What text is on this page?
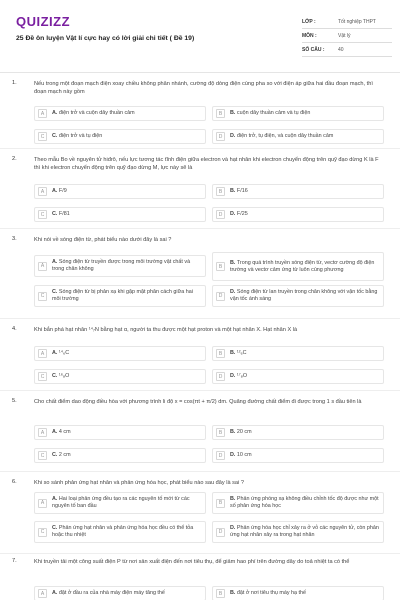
QUIZIZZ
25 Đề ôn luyện Vật lí cực hay có lời giải chi tiết ( Đề 19)
LỚP :	Tốt nghiệp THPT
MÔN :	Vật lý
SỐ CÂU :	40
1.	Nếu trong một đoạn mạch điện xoay chiều không phân nhánh, cường độ dòng điện cùng pha so với điện áp giữa hai đầu đoạn mạch, thì đoạn mạch này gồm
A	A. điện trở và cuộn dây thuần cảm	B	B. cuộn dây thuần cảm và tụ điện
C	C. điện trở và tụ điện	D	D. điện trở, tụ điện, và cuộn dây thuần cảm
2.	Theo mẫu Bo về nguyên tử hiđrô, nếu lực tương tác tĩnh điện giữa electron và hạt nhân khi electron chuyển động trên quỹ đạo dừng K là F thì khi electron chuyển động trên quỹ đạo dừng M, lực này sẽ là
A	A. F/9	B	B. F/16
C	C. F/81	D	D. F/25
3.	Khi nói về sóng điện từ, phát biểu nào dưới đây là sai ?
A
A. Sóng điện từ truyền được trong môi trường vật chất và trong chân không	B
B. Trong quá trình truyền sóng điện từ, vectơ cường độ điện trường và vectơ cảm ứng từ luôn cùng phương
C
C. Sóng điện từ bị phản xạ khi gặp mặt phân cách giữa hai môi trường	D
D. Sóng điện từ lan truyền trong chân không với vận tốc bằng vận tốc ánh sáng
4.	Khi bắn phá hạt nhân ¹⁴₇N bằng hạt α, người ta thu được một hạt proton và một hạt nhân X. Hạt nhân X là
A	A. ¹⁴₆C	B	B. ¹²₆C
C	C. ¹⁶₈O	D	D. ¹⁷₈O
5.	Cho chất điểm dao động điều hòa với phương trình li độ x = cos(πt + π/2) dm. Quãng đường chất điểm đi được trong 1 s đầu tiên là
A	A. 4 cm	B	B. 20 cm
C	C. 2 cm	D	D. 10 cm
6.	Khi so sánh phản ứng hạt nhân và phản ứng hóa học, phát biểu nào sau đây là sai ?
A
A. Hai loại phản ứng đều tạo ra các nguyên tố mới từ các nguyên tố ban đầu	B
B. Phản ứng phóng xạ không điều chỉnh tốc độ được như một số phản ứng hóa học
C
C. Phản ứng hạt nhân và phản ứng hóa học đều có thể tỏa hoặc thu nhiệt	D
D. Phản ứng hóa học chỉ xảy ra ở vỏ các nguyên tử, còn phản ứng hạt nhân xảy ra trong hạt nhân
7.	Khi truyền tải một công suất điện P từ nơi sản xuất điện đến nơi tiêu thụ, để giảm hao phí trên đường dây do toả nhiệt ta có thể
A	A. đặt ở đầu ra của nhà máy điện máy tăng thế	B	B. đặt ở nơi tiêu thụ máy hạ thế
